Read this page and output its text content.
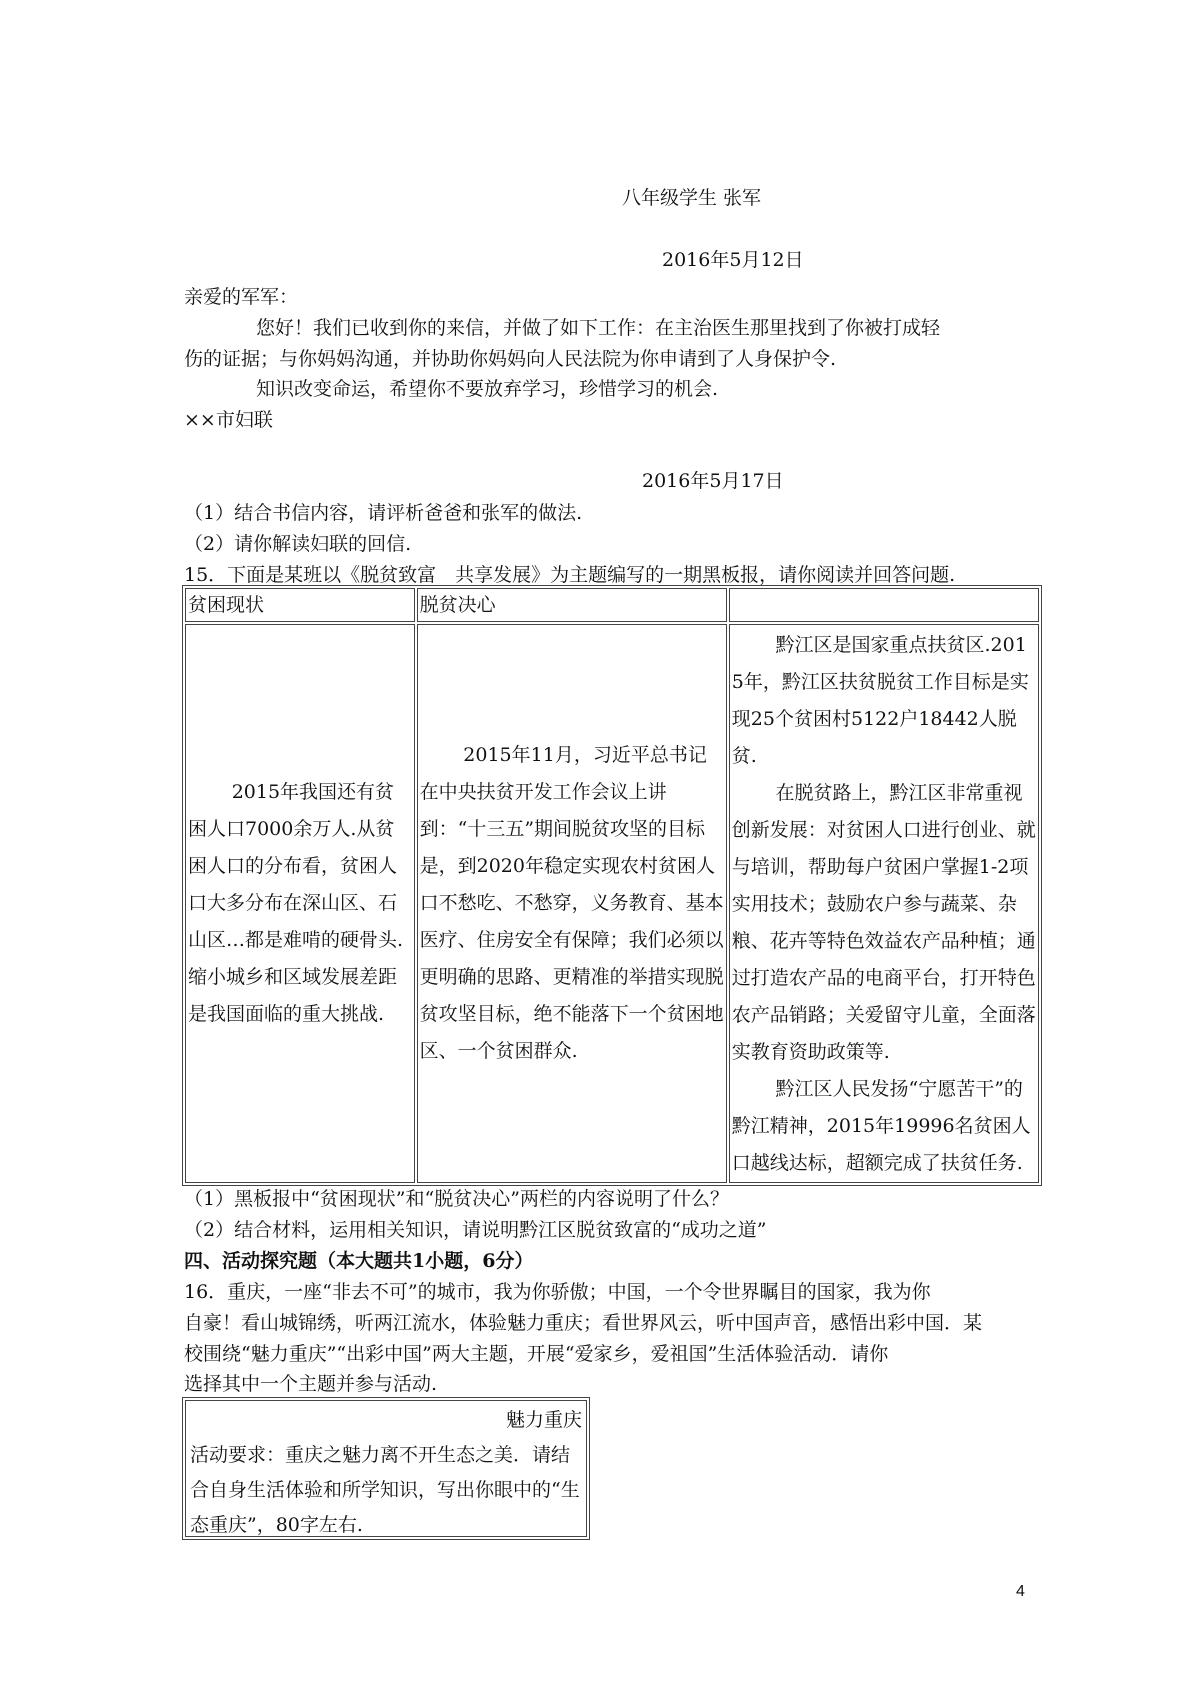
八年级学生 张军
2016年5月12日
亲爱的军军：
您好！我们已收到你的来信，并做了如下工作：在主治医生那里找到了你被打成轻
伤的证据；与你妈妈沟通，并协助你妈妈向人民法院为你申请到了人身保护令.
知识改变命运，希望你不要放弃学习，珍惜学习的机会.
××市妇联
2016年5月17日
（1）结合书信内容，请评析爸爸和张军的做法.
（2）请你解读妇联的回信.
15．下面是某班以《脱贫致富　共享发展》为主题编写的一期黑板报，请你阅读并回答问题.
贫困现状	脱贫决心	

2015年我国还有贫困人口7000余万人.从贫困人口的分布看，贫困人口大多分布在深山区、石山区…都是难啃的硬骨头.缩小城乡和区域发展差距是我国面临的重大挑战.	2015年11月，习近平总书记在中央扶贫开发工作会议上讲到：“十三五”期间脱贫攻坚的目标是，到2020年稳定实现农村贫困人口不愁吃、不愁穿，义务教育、基本医疗、住房安全有保障；我们必须以更明确的思路、更精准的举措实现脱贫攻坚目标，绝不能落下一个贫困地区、一个贫困群众.	黔江区是国家重点扶贫区.2015年，黔江区扶贫脱贫工作目标是实现25个贫困村5122户18442人脱贫.

在脱贫路上，黔江区非常重视创新发展：对贫困人口进行创业、就与培训，帮助每户贫困户掌握1-2项实用技术；鼓励农户参与蔬菜、杂粮、花卉等特色效益农产品种植；通过打造农产品的电商平台，打开特色农产品销路；关爱留守儿童，全面落实教育资助政策等.

黔江区人民发扬“宁愿苦干”的黔江精神，2015年19996名贫困人口越线达标，超额完成了扶贫任务.

（1）黑板报中“贫困现状”和“脱贫决心”两栏的内容说明了什么？
（2）结合材料，运用相关知识，请说明黔江区脱贫致富的“成功之道”
四、活动探究题（本大题共1小题，6分）
16．重庆，一座“非去不可”的城市，我为你骄傲；中国，一个令世界瞩目的国家，我为你
自豪！看山城锦绣，听两江流水，体验魅力重庆；看世界风云，听中国声音，感悟出彩中国．某
校围绕“魅力重庆”“出彩中国”两大主题，开展“爱家乡，爱祖国”生活体验活动．请你
选择其中一个主题并参与活动.
魅力重庆
活动要求：重庆之魅力离不开生态之美．请结合自身生活体验和所学知识，写出你眼中的“生态重庆”，80字左右.
4
